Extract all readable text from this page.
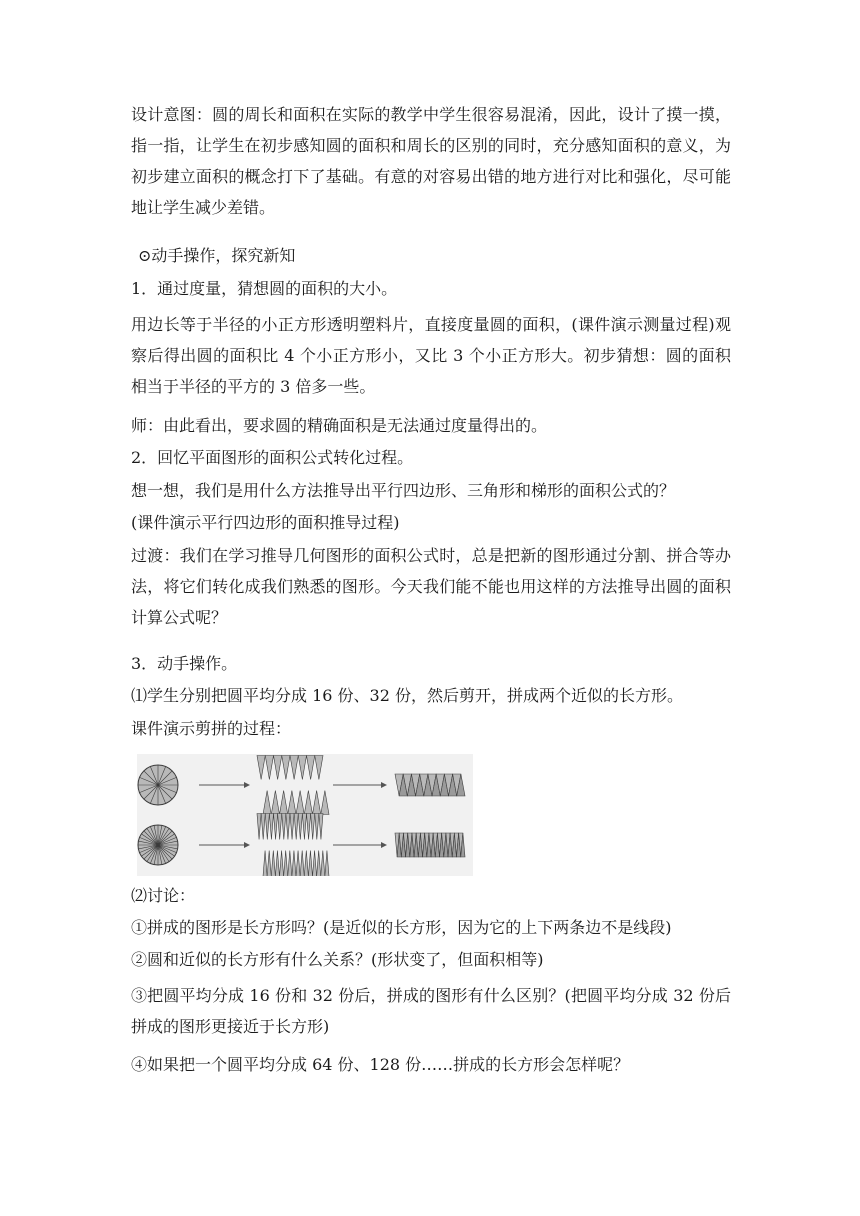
设计意图：圆的周长和面积在实际的教学中学生很容易混淆，因此，设计了摸一摸，指一指，让学生在初步感知圆的面积和周长的区别的同时，充分感知面积的意义，为初步建立面积的概念打下了基础。有意的对容易出错的地方进行对比和强化，尽可能地让学生减少差错。

⊙动手操作，探究新知

1．通过度量，猜想圆的面积的大小。

用边长等于半径的小正方形透明塑料片，直接度量圆的面积，(课件演示测量过程)观察后得出圆的面积比 4 个小正方形小，又比 3 个小正方形大。初步猜想：圆的面积相当于半径的平方的 3 倍多一些。

师：由此看出，要求圆的精确面积是无法通过度量得出的。

2．回忆平面图形的面积公式转化过程。

想一想，我们是用什么方法推导出平行四边形、三角形和梯形的面积公式的？

(课件演示平行四边形的面积推导过程)

过渡：我们在学习推导几何图形的面积公式时，总是把新的图形通过分割、拼合等办法，将它们转化成我们熟悉的图形。今天我们能不能也用这样的方法推导出圆的面积计算公式呢？

3．动手操作。

⑴学生分别把圆平均分成 16 份、32 份，然后剪开，拼成两个近似的长方形。

课件演示剪拼的过程：

⑵讨论：

①拼成的图形是长方形吗？(是近似的长方形，因为它的上下两条边不是线段)

②圆和近似的长方形有什么关系？(形状变了，但面积相等)

③把圆平均分成 16 份和 32 份后，拼成的图形有什么区别？(把圆平均分成 32 份后拼成的图形更接近于长方形)

④如果把一个圆平均分成 64 份、128 份……拼成的长方形会怎样呢？
